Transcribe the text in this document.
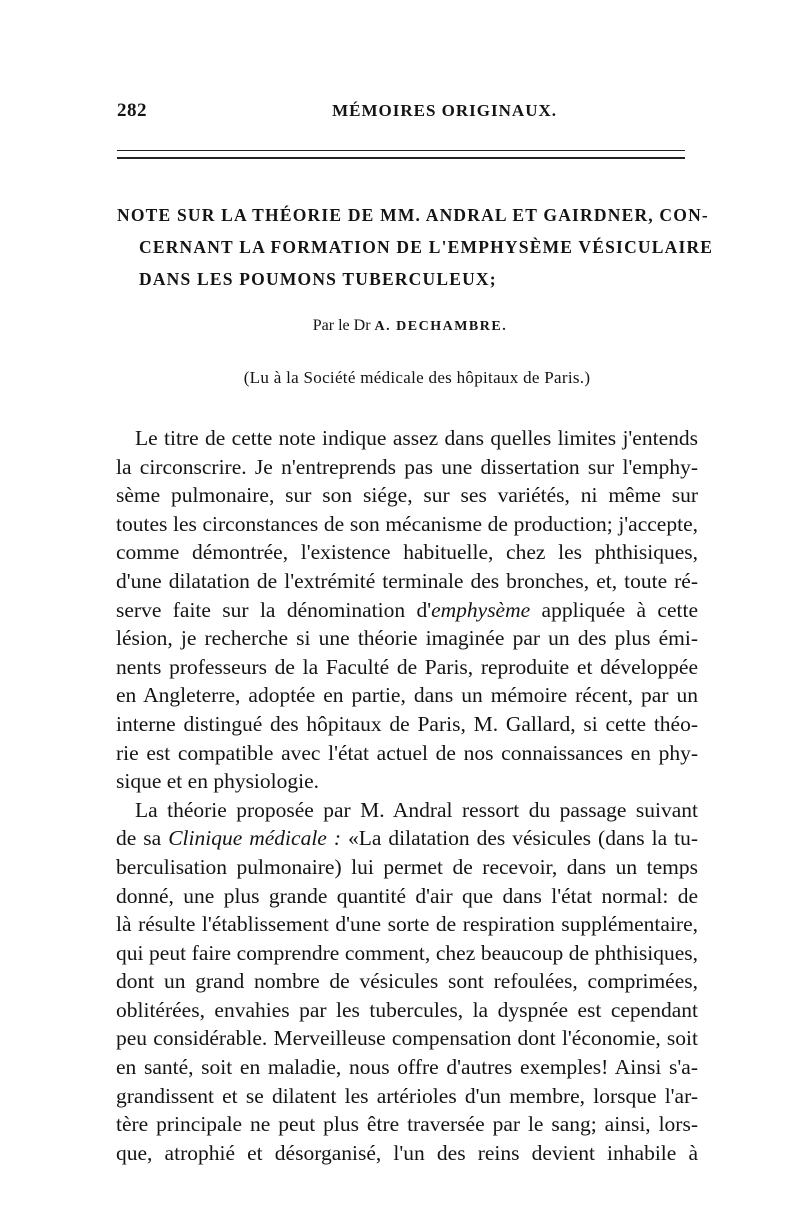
282	MÉMOIRES ORIGINAUX.
NOTE SUR LA THÉORIE DE MM. ANDRAL ET GAIRDNER, CON-
CERNANT LA FORMATION DE L'EMPHYSÈME VÉSICULAIRE
DANS LES POUMONS TUBERCULEUX;
Par le Dr A. DECHAMBRE.
(Lu à la Société médicale des hôpitaux de Paris.)
Le titre de cette note indique assez dans quelles limites j'entends
la circonscrire. Je n'entreprends pas une dissertation sur l'emphy-
sème pulmonaire, sur son siége, sur ses variétés, ni même sur
toutes les circonstances de son mécanisme de production; j'accepte,
comme démontrée, l'existence habituelle, chez les phthisiques,
d'une dilatation de l'extrémité terminale des bronches, et, toute ré-
serve faite sur la dénomination d'emphysème appliquée à cette
lésion, je recherche si une théorie imaginée par un des plus émi-
nents professeurs de la Faculté de Paris, reproduite et développée
en Angleterre, adoptée en partie, dans un mémoire récent, par un
interne distingué des hôpitaux de Paris, M. Gallard, si cette théo-
rie est compatible avec l'état actuel de nos connaissances en phy-
sique et en physiologie.
La théorie proposée par M. Andral ressort du passage suivant
de sa Clinique médicale : «La dilatation des vésicules (dans la tu-
berculisation pulmonaire) lui permet de recevoir, dans un temps
donné, une plus grande quantité d'air que dans l'état normal: de
là résulte l'établissement d'une sorte de respiration supplémentaire,
qui peut faire comprendre comment, chez beaucoup de phthisiques,
dont un grand nombre de vésicules sont refoulées, comprimées,
oblitérées, envahies par les tubercules, la dyspnée est cependant
peu considérable. Merveilleuse compensation dont l'économie, soit
en santé, soit en maladie, nous offre d'autres exemples! Ainsi s'a-
grandissent et se dilatent les artérioles d'un membre, lorsque l'ar-
tère principale ne peut plus être traversée par le sang; ainsi, lors-
que, atrophié et désorganisé, l'un des reins devient inhabile à
